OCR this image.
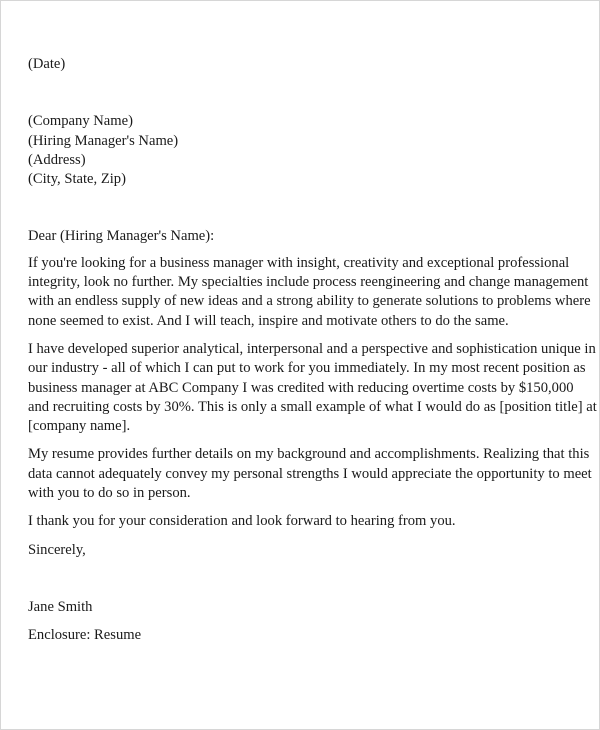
(Date)
(Company Name)
(Hiring Manager's Name)
(Address)
(City, State, Zip)
Dear (Hiring Manager's Name):
If you're looking for a business manager with insight, creativity and exceptional professional
integrity, look no further. My specialties include process reengineering and change management
with an endless supply of new ideas and a strong ability to generate solutions to problems where
none seemed to exist. And I will teach, inspire and motivate others to do the same.
I have developed superior analytical, interpersonal and a perspective and sophistication unique in
our industry - all of which I can put to work for you immediately. In my most recent position as
business manager at ABC Company I was credited with reducing overtime costs by $150,000
and recruiting costs by 30%. This is only a small example of what I would do as [position title] at
[company name].
My resume provides further details on my background and accomplishments. Realizing that this
data cannot adequately convey my personal strengths I would appreciate the opportunity to meet
with you to do so in person.
I thank you for your consideration and look forward to hearing from you.
Sincerely,
Jane Smith
Enclosure: Resume
